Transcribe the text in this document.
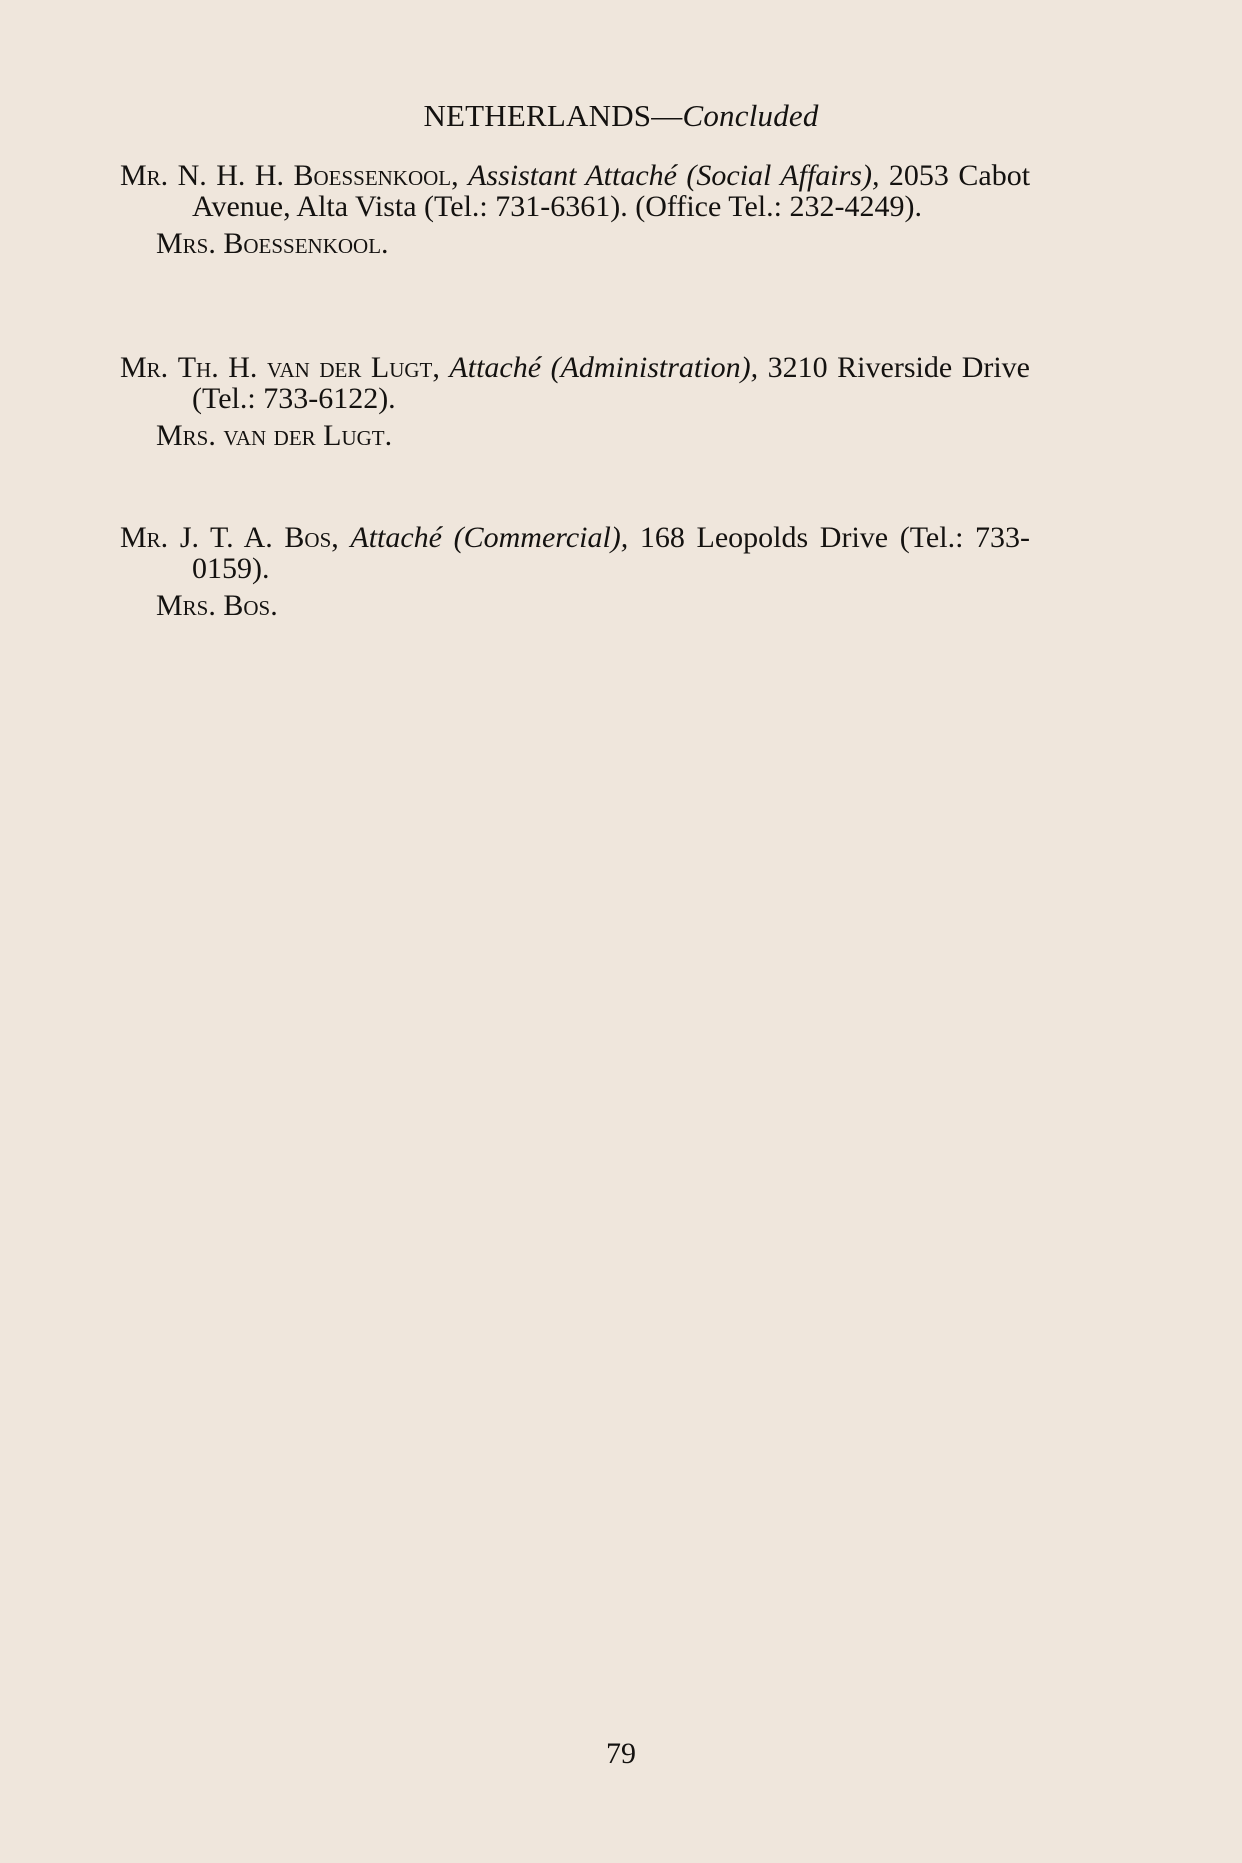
NETHERLANDS—Concluded
Mr. N. H. H. Boessenkool, Assistant Attaché (Social Affairs), 2053 Cabot Avenue, Alta Vista (Tel.: 731-6361). (Office Tel.: 232-4249).
Mrs. Boessenkool.
Mr. Th. H. van der Lugt, Attaché (Administration), 3210 Riverside Drive (Tel.: 733-6122).
Mrs. van der Lugt.
Mr. J. T. A. Bos, Attaché (Commercial), 168 Leopolds Drive (Tel.: 733-0159).
Mrs. Bos.
79
